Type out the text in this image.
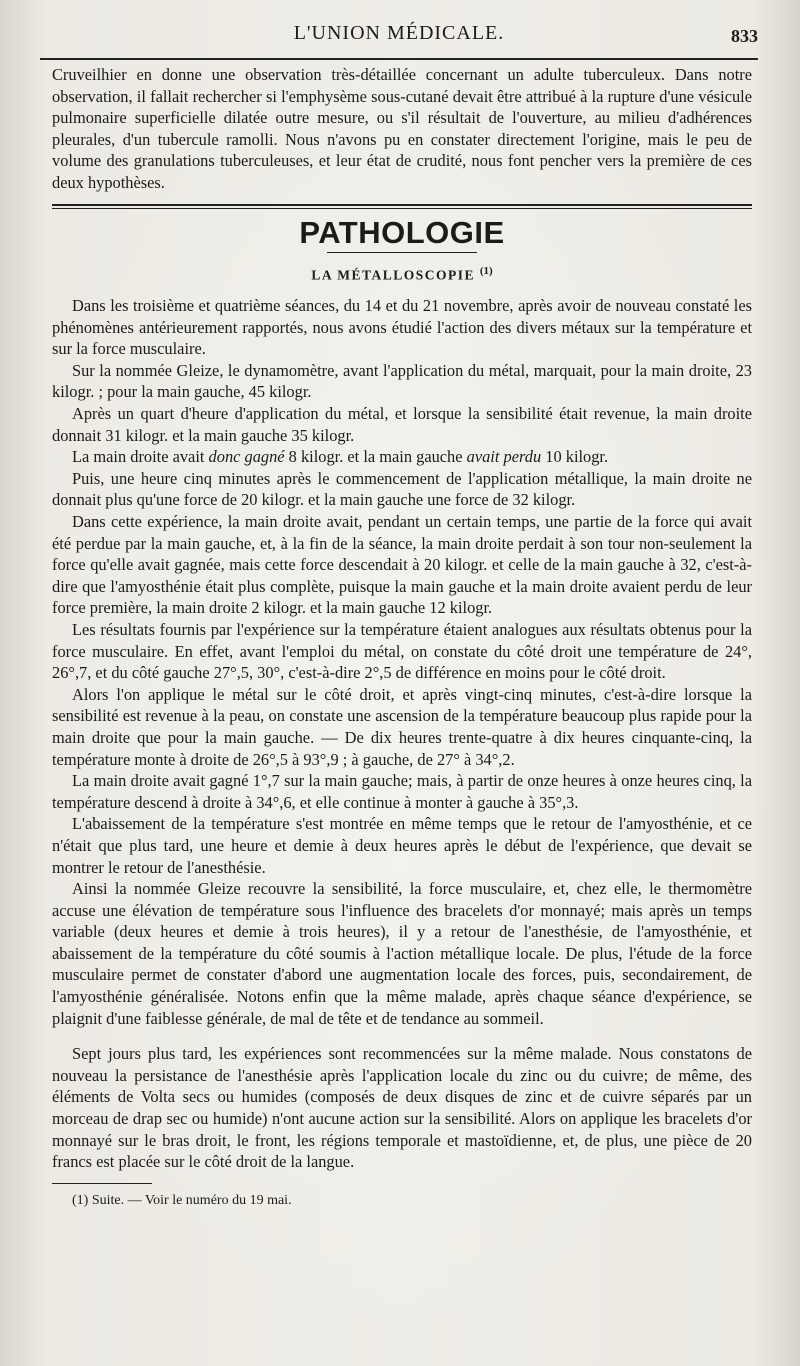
L'UNION MÉDICALE.	833

Cruveilhier en donne une observation très-détaillée concernant un adulte tuberculeux. Dans notre observation, il fallait rechercher si l'emphysème sous-cutané devait être attribué à la rupture d'une vésicule pulmonaire superficielle dilatée outre mesure, ou s'il résultait de l'ouverture, au milieu d'adhérences pleurales, d'un tubercule ramolli. Nous n'avons pu en constater directement l'origine, mais le peu de volume des granulations tuberculeuses, et leur état de crudité, nous font pencher vers la première de ces deux hypothèses.

PATHOLOGIE
LA MÉTALLOSCOPIE $^{(1)}$

Dans les troisième et quatrième séances, du 14 et du 21 novembre, après avoir de nouveau constaté les phénomènes antérieurement rapportés, nous avons étudié l'action des divers métaux sur la température et sur la force musculaire.

Sur la nommée Gleize, le dynamomètre, avant l'application du métal, marquait, pour la main droite, 23 kilogr. ; pour la main gauche, 45 kilogr.

Après un quart d'heure d'application du métal, et lorsque la sensibilité était revenue, la main droite donnait 31 kilogr. et la main gauche 35 kilogr.

La main droite avait donc gagné 8 kilogr. et la main gauche avait perdu 10 kilogr.

Puis, une heure cinq minutes après le commencement de l'application métallique, la main droite ne donnait plus qu'une force de 20 kilogr. et la main gauche une force de 32 kilogr.

Dans cette expérience, la main droite avait, pendant un certain temps, une partie de la force qui avait été perdue par la main gauche, et, à la fin de la séance, la main droite perdait à son tour non-seulement la force qu'elle avait gagnée, mais cette force descendait à 20 kilogr. et celle de la main gauche à 32, c'est-à-dire que l'amyosthénie était plus complète, puisque la main gauche et la main droite avaient perdu de leur force première, la main droite 2 kilogr. et la main gauche 12 kilogr.

Les résultats fournis par l'expérience sur la température étaient analogues aux résultats obtenus pour la force musculaire. En effet, avant l'emploi du métal, on constate du côté droit une température de 24°, 26°,7, et du côté gauche 27°,5, 30°, c'est-à-dire 2°,5 de différence en moins pour le côté droit.

Alors l'on applique le métal sur le côté droit, et après vingt-cinq minutes, c'est-à-dire lorsque la sensibilité est revenue à la peau, on constate une ascension de la température beaucoup plus rapide pour la main droite que pour la main gauche. — De dix heures trente-quatre à dix heures cinquante-cinq, la température monte à droite de 26°,5 à 93°,9 ; à gauche, de 27° à 34°,2.

La main droite avait gagné 1°,7 sur la main gauche; mais, à partir de onze heures à onze heures cinq, la température descend à droite à 34°,6, et elle continue à monter à gauche à 35°,3.

L'abaissement de la température s'est montrée en même temps que le retour de l'amyosthénie, et ce n'était que plus tard, une heure et demie à deux heures après le début de l'expérience, que devait se montrer le retour de l'anesthésie.

Ainsi la nommée Gleize recouvre la sensibilité, la force musculaire, et, chez elle, le thermomètre accuse une élévation de température sous l'influence des bracelets d'or monnayé; mais après un temps variable (deux heures et demie à trois heures), il y a retour de l'anesthésie, de l'amyosthénie, et abaissement de la température du côté soumis à l'action métallique locale. De plus, l'étude de la force musculaire permet de constater d'abord une augmentation locale des forces, puis, secondairement, de l'amyosthénie généralisée. Notons enfin que la même malade, après chaque séance d'expérience, se plaignit d'une faiblesse générale, de mal de tête et de tendance au sommeil.

Sept jours plus tard, les expériences sont recommencées sur la même malade. Nous constatons de nouveau la persistance de l'anesthésie après l'application locale du zinc ou du cuivre; de même, des éléments de Volta secs ou humides (composés de deux disques de zinc et de cuivre séparés par un morceau de drap sec ou humide) n'ont aucune action sur la sensibilité. Alors on applique les bracelets d'or monnayé sur le bras droit, le front, les régions temporale et mastoïdienne, et, de plus, une pièce de 20 francs est placée sur le côté droit de la langue.

(1) Suite. — Voir le numéro du 19 mai.
